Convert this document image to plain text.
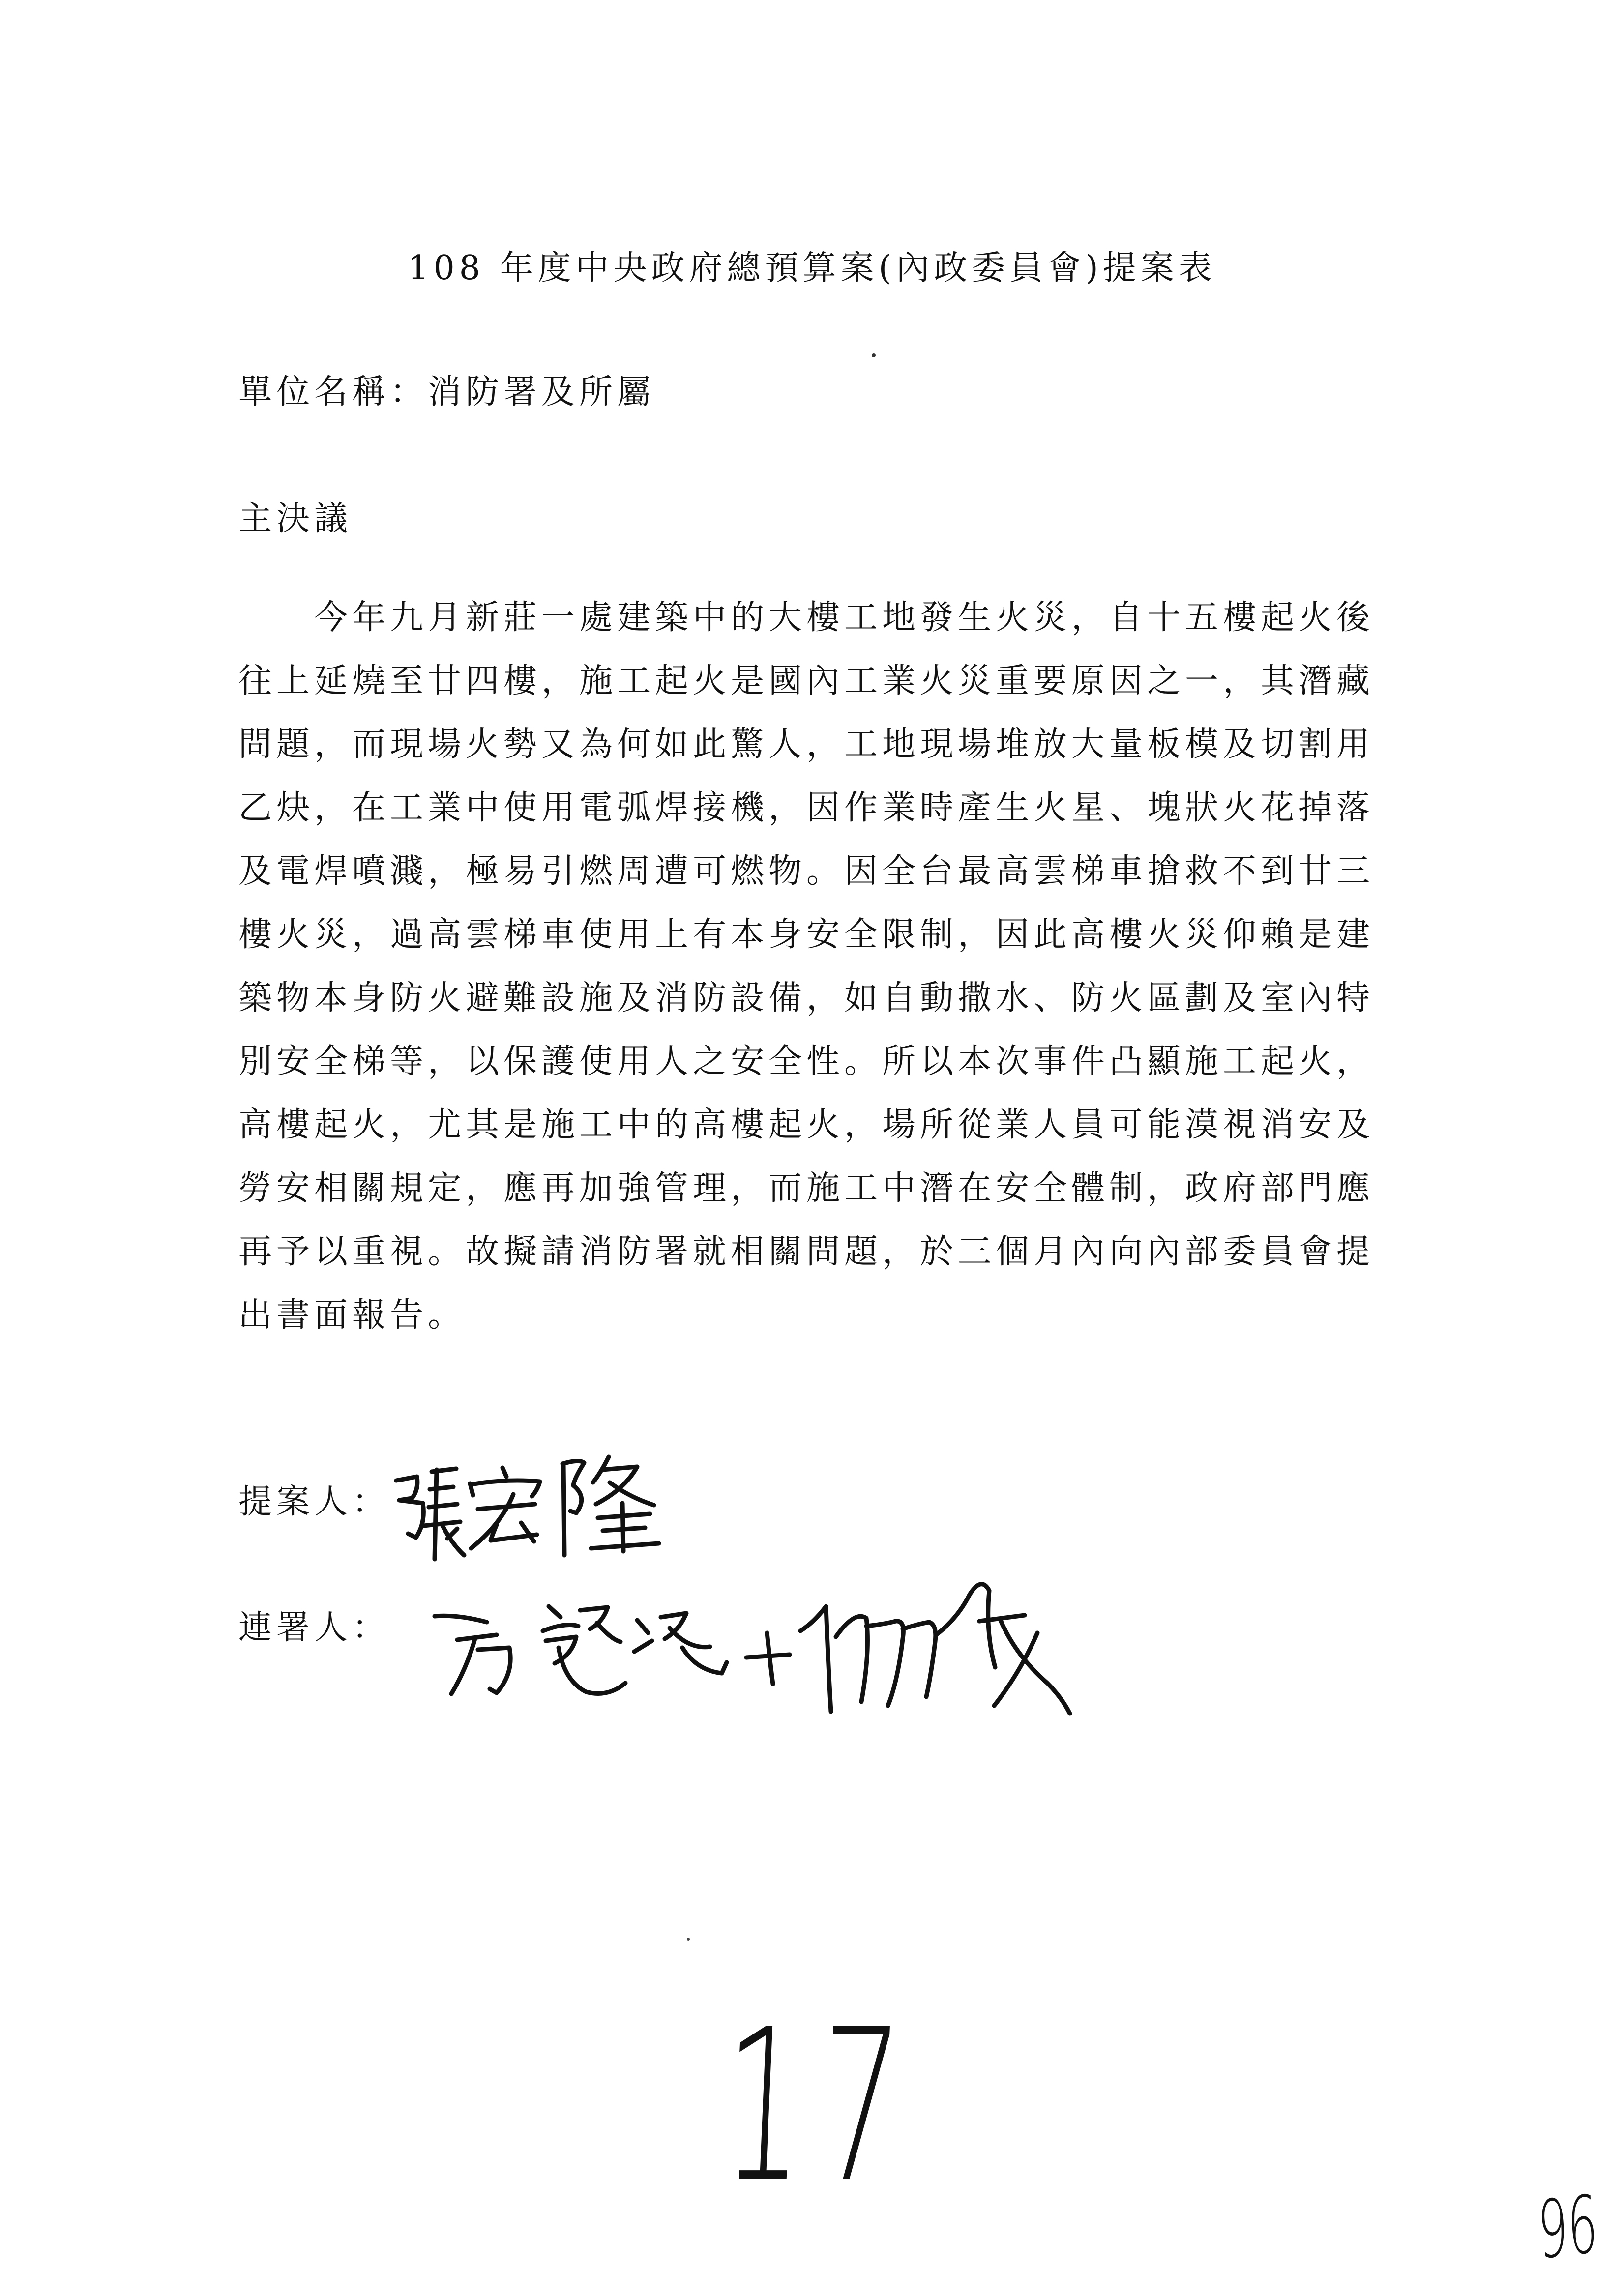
108 年度中央政府總預算案(內政委員會)提案表
單位名稱：消防署及所屬
主決議
今年九月新莊一處建築中的大樓工地發生火災，自十五樓起火後
往上延燒至廿四樓，施工起火是國內工業火災重要原因之一，其潛藏
問題，而現場火勢又為何如此驚人，工地現場堆放大量板模及切割用
乙炔，在工業中使用電弧焊接機，因作業時產生火星、塊狀火花掉落
及電焊噴濺，極易引燃周遭可燃物。因全台最高雲梯車搶救不到廿三
樓火災，過高雲梯車使用上有本身安全限制，因此高樓火災仰賴是建
築物本身防火避難設施及消防設備，如自動撒水、防火區劃及室內特
別安全梯等，以保護使用人之安全性。所以本次事件凸顯施工起火，
高樓起火，尤其是施工中的高樓起火，場所從業人員可能漠視消安及
勞安相關規定，應再加強管理，而施工中潛在安全體制，政府部門應
再予以重視。故擬請消防署就相關問題，於三個月內向內部委員會提
出書面報告。
提案人：
連署人：
17	96
